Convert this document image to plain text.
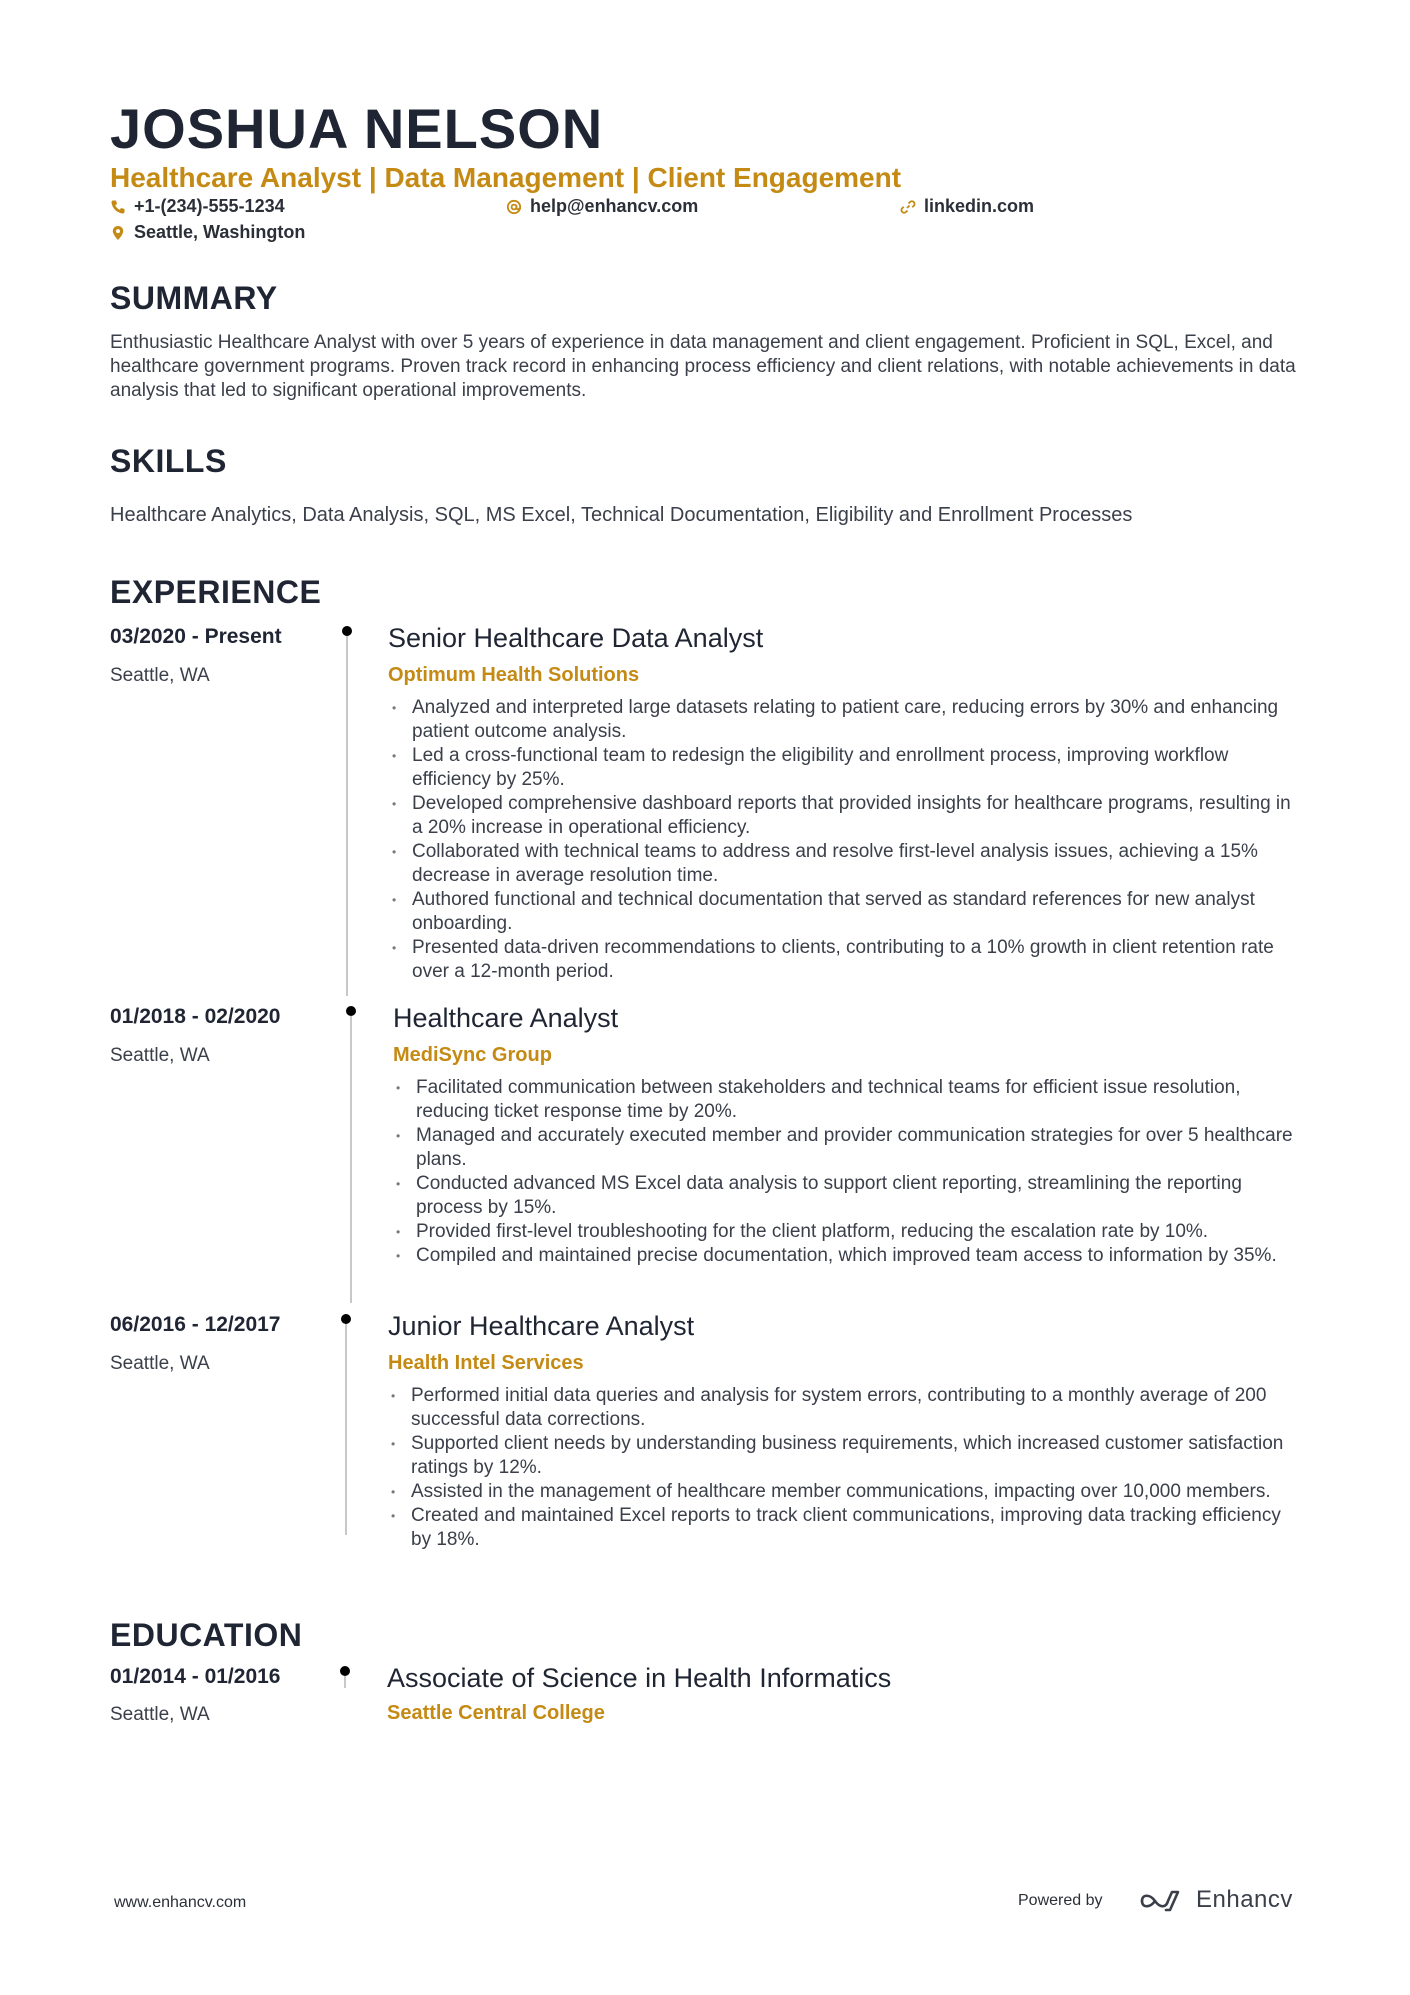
JOSHUA NELSON
Healthcare Analyst | Data Management | Client Engagement
+1-(234)-555-1234	help@enhancv.com	linkedin.com
Seattle, Washington
SUMMARY
Enthusiastic Healthcare Analyst with over 5 years of experience in data management and client engagement. Proficient in SQL, Excel, and healthcare government programs. Proven track record in enhancing process efficiency and client relations, with notable achievements in data analysis that led to significant operational improvements.
SKILLS
Healthcare Analytics, Data Analysis, SQL, MS Excel, Technical Documentation, Eligibility and Enrollment Processes
EXPERIENCE
03/2020 - Present
Seattle, WA
Senior Healthcare Data Analyst
Optimum Health Solutions
• Analyzed and interpreted large datasets relating to patient care, reducing errors by 30% and enhancing patient outcome analysis.
• Led a cross-functional team to redesign the eligibility and enrollment process, improving workflow efficiency by 25%.
• Developed comprehensive dashboard reports that provided insights for healthcare programs, resulting in a 20% increase in operational efficiency.
• Collaborated with technical teams to address and resolve first-level analysis issues, achieving a 15% decrease in average resolution time.
• Authored functional and technical documentation that served as standard references for new analyst onboarding.
• Presented data-driven recommendations to clients, contributing to a 10% growth in client retention rate over a 12-month period.
01/2018 - 02/2020
Seattle, WA
Healthcare Analyst
MediSync Group
• Facilitated communication between stakeholders and technical teams for efficient issue resolution, reducing ticket response time by 20%.
• Managed and accurately executed member and provider communication strategies for over 5 healthcare plans.
• Conducted advanced MS Excel data analysis to support client reporting, streamlining the reporting process by 15%.
• Provided first-level troubleshooting for the client platform, reducing the escalation rate by 10%.
• Compiled and maintained precise documentation, which improved team access to information by 35%.
06/2016 - 12/2017
Seattle, WA
Junior Healthcare Analyst
Health Intel Services
• Performed initial data queries and analysis for system errors, contributing to a monthly average of 200 successful data corrections.
• Supported client needs by understanding business requirements, which increased customer satisfaction ratings by 12%.
• Assisted in the management of healthcare member communications, impacting over 10,000 members.
• Created and maintained Excel reports to track client communications, improving data tracking efficiency by 18%.
EDUCATION
01/2014 - 01/2016
Seattle, WA
Associate of Science in Health Informatics
Seattle Central College
www.enhancv.com	Powered by	Enhancv
